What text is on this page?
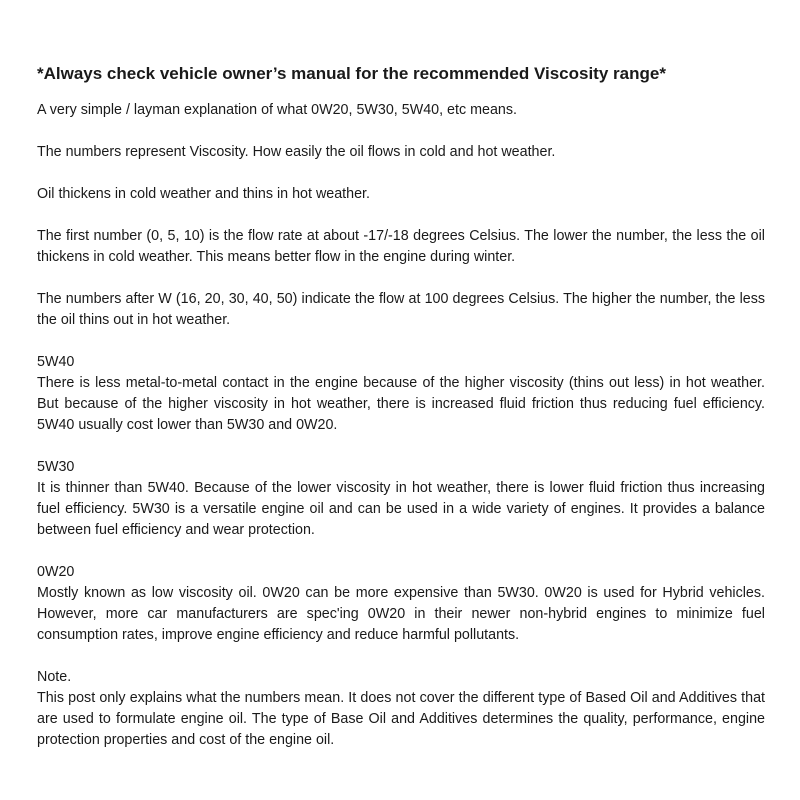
*Always check vehicle owner’s manual for the recommended Viscosity range*

A very simple / layman explanation of what 0W20, 5W30, 5W40, etc means.

The numbers represent Viscosity. How easily the oil flows in cold and hot weather.

Oil thickens in cold weather and thins in hot weather.

The first number (0, 5, 10) is the flow rate at about -17/-18 degrees Celsius. The lower the number, the less the oil thickens in cold weather. This means better flow in the engine during winter.

The numbers after W (16, 20, 30, 40, 50) indicate the flow at 100 degrees Celsius. The higher the number, the less the oil thins out in hot weather.

5W40

There is less metal-to-metal contact in the engine because of the higher viscosity (thins out less) in hot weather. But because of the higher viscosity in hot weather, there is increased fluid friction thus reducing fuel efficiency. 5W40 usually cost lower than 5W30 and 0W20.

5W30

It is thinner than 5W40. Because of the lower viscosity in hot weather, there is lower fluid friction thus increasing fuel efficiency. 5W30 is a versatile engine oil and can be used in a wide variety of engines. It provides a balance between fuel efficiency and wear protection.

0W20

Mostly known as low viscosity oil. 0W20 can be more expensive than 5W30. 0W20 is used for Hybrid vehicles. However, more car manufacturers are spec'ing 0W20 in their newer non-hybrid engines to minimize fuel consumption rates, improve engine efficiency and reduce harmful pollutants.

Note.

This post only explains what the numbers mean. It does not cover the different type of Based Oil and Additives that are used to formulate engine oil. The type of Base Oil and Additives determines the quality, performance, engine protection properties and cost of the engine oil.
